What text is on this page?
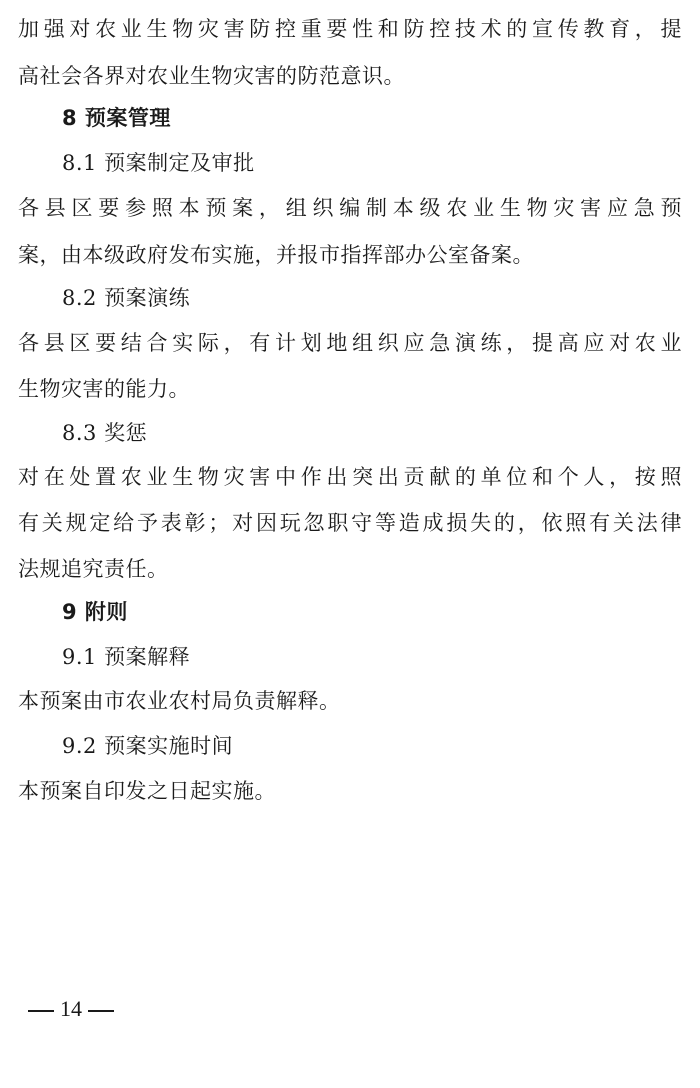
加强对农业生物灾害防控重要性和防控技术的宣传教育，提
高社会各界对农业生物灾害的防范意识。
8 预案管理
8.1 预案制定及审批
各县区要参照本预案，组织编制本级农业生物灾害应急预
案，由本级政府发布实施，并报市指挥部办公室备案。
8.2 预案演练
各县区要结合实际，有计划地组织应急演练，提高应对农业
生物灾害的能力。
8.3 奖惩
对在处置农业生物灾害中作出突出贡献的单位和个人，按照
有关规定给予表彰；对因玩忽职守等造成损失的，依照有关法律
法规追究责任。
9 附则
9.1 预案解释
本预案由市农业农村局负责解释。
9.2 预案实施时间
本预案自印发之日起实施。
14
